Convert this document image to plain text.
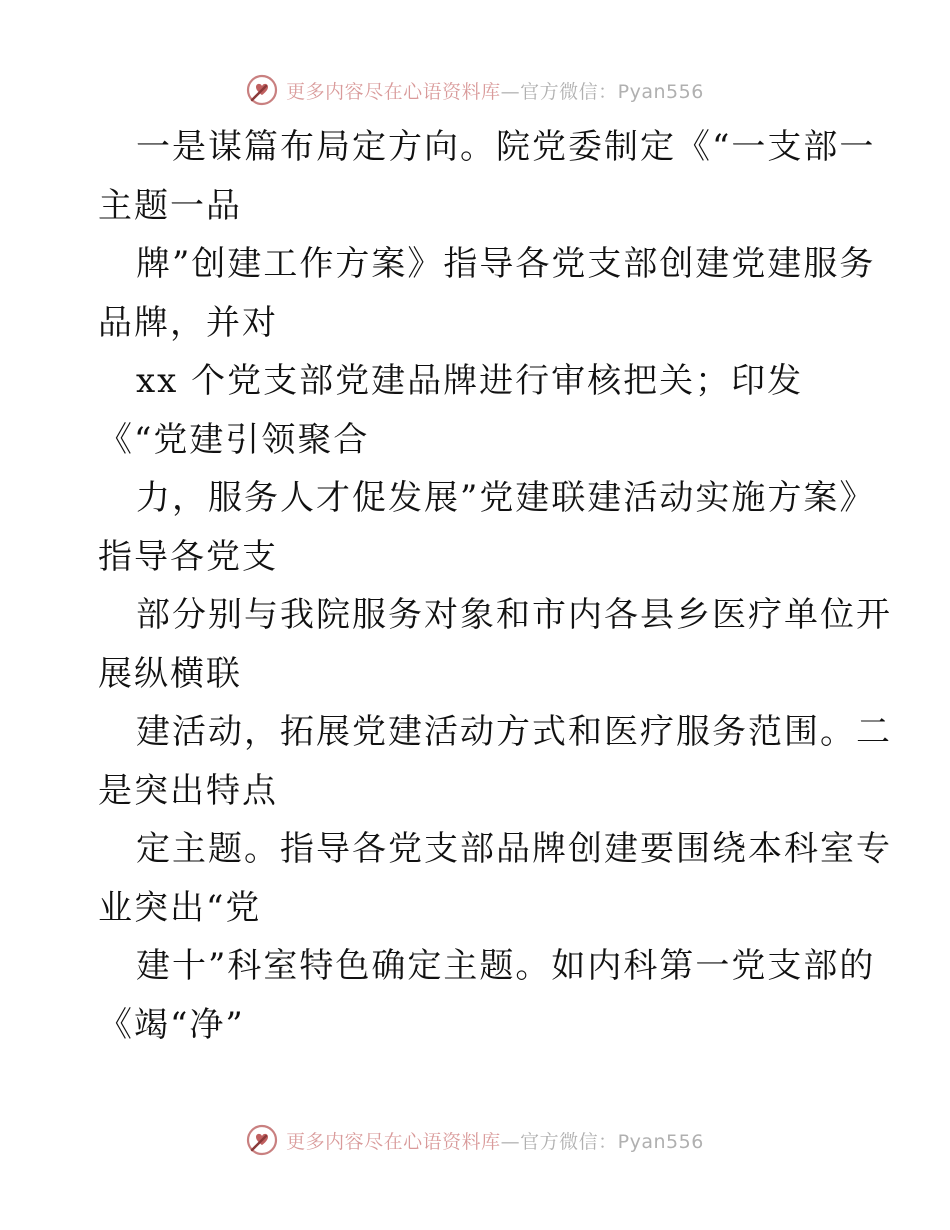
更多内容尽在心语资料库—官方微信：Pyan556
一是谋篇布局定方向。院党委制定《“一支部一
主题一品
牌”创建工作方案》指导各党支部创建党建服务
品牌，并对
xx 个党支部党建品牌进行审核把关；印发
《“党建引领聚合
力，服务人才促发展”党建联建活动实施方案》
指导各党支
部分别与我院服务对象和市内各县乡医疗单位开
展纵横联
建活动，拓展党建活动方式和医疗服务范围。二
是突出特点
定主题。指导各党支部品牌创建要围绕本科室专
业突出“党
建十”科室特色确定主题。如内科第一党支部的
《竭“净”
更多内容尽在心语资料库—官方微信：Pyan556
